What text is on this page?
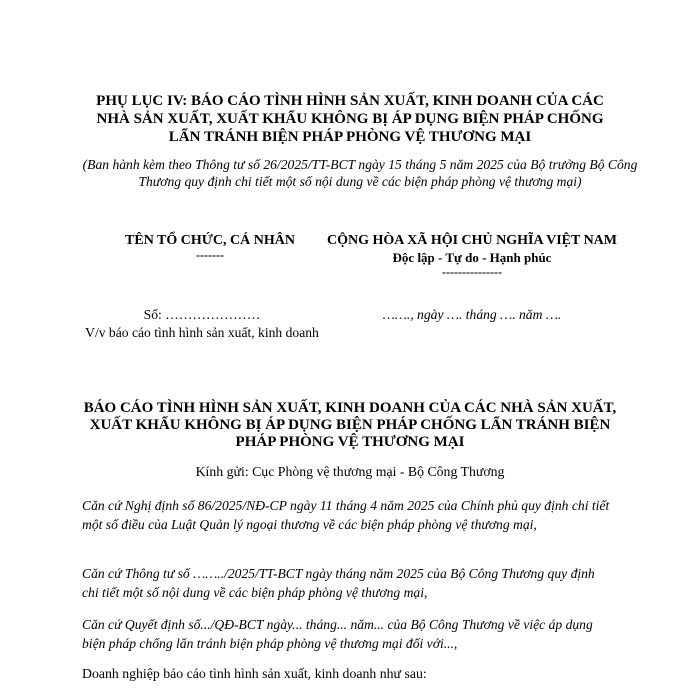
PHỤ LỤC IV: BÁO CÁO TÌNH HÌNH SẢN XUẤT, KINH DOANH CỦA CÁC NHÀ SẢN XUẤT, XUẤT KHẨU KHÔNG BỊ ÁP DỤNG BIỆN PHÁP CHỐNG LẨN TRÁNH BIỆN PHÁP PHÒNG VỆ THƯƠNG MẠI
(Ban hành kèm theo Thông tư số 26/2025/TT-BCT ngày 15 tháng 5 năm 2025 của Bộ trưởng Bộ Công Thương quy định chi tiết một số nội dung về các biện pháp phòng vệ thương mại)
TÊN TỔ CHỨC, CÁ NHÂN
-------
CỘNG HÒA XÃ HỘI CHỦ NGHĨA VIỆT NAM
Độc lập - Tự do - Hạnh phúc
---------------
Số: …………………
V/v báo cáo tình hình sản xuất, kinh doanh
……., ngày …. tháng …. năm ….
BÁO CÁO TÌNH HÌNH SẢN XUẤT, KINH DOANH CỦA CÁC NHÀ SẢN XUẤT, XUẤT KHẨU KHÔNG BỊ ÁP DỤNG BIỆN PHÁP CHỐNG LẨN TRÁNH BIỆN PHÁP PHÒNG VỆ THƯƠNG MẠI
Kính gửi: Cục Phòng vệ thương mại - Bộ Công Thương
Căn cứ Nghị định số 86/2025/NĐ-CP ngày 11 tháng 4 năm 2025 của Chính phủ quy định chi tiết một số điều của Luật Quản lý ngoại thương về các biện pháp phòng vệ thương mại,
Căn cứ Thông tư số ……../2025/TT-BCT ngày tháng năm 2025 của Bộ Công Thương quy định chi tiết một số nội dung về các biện pháp phòng vệ thương mại,
Căn cứ Quyết định số.../QĐ-BCT ngày... tháng... năm... của Bộ Công Thương về việc áp dụng biện pháp chống lẩn tránh biện pháp phòng vệ thương mại đối với...,
Doanh nghiệp báo cáo tình hình sản xuất, kinh doanh như sau:
